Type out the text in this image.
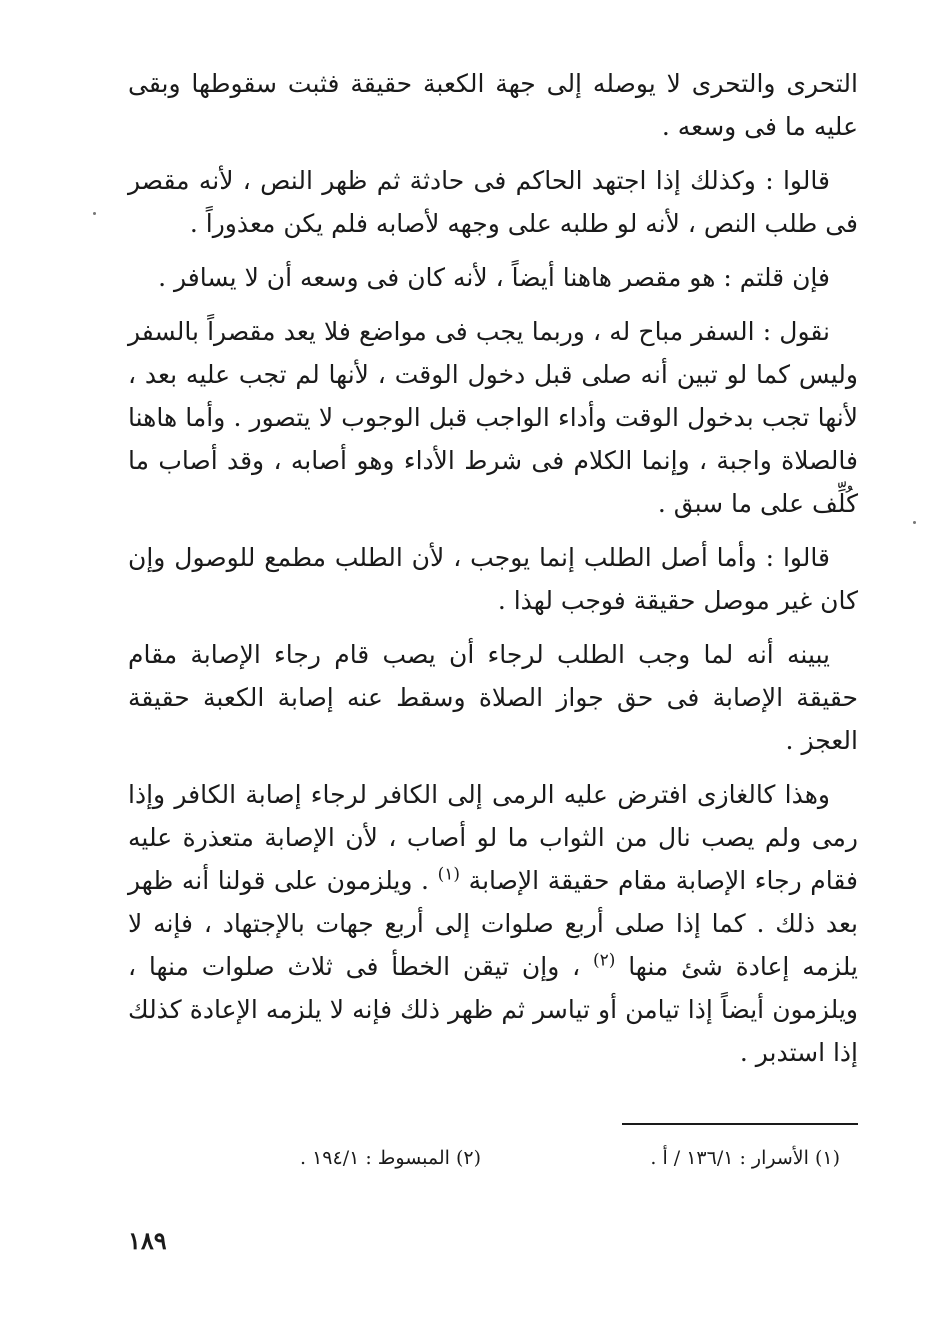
التحرى والتحرى لا يوصله إلى جهة الكعبة حقيقة فثبت سقوطها وبقى عليه ما فى وسعه .

قالوا : وكذلك إذا اجتهد الحاكم فى حادثة ثم ظهر النص ، لأنه مقصر فى طلب النص ، لأنه لو طلبه على وجهه لأصابه فلم يكن معذوراً .

فإن قلتم : هو مقصر هاهنا أيضاً ، لأنه كان فى وسعه أن لا يسافر .

نقول : السفر مباح له ، وربما يجب فى مواضع فلا يعد مقصراً بالسفر وليس كما لو تبين أنه صلى قبل دخول الوقت ، لأنها لم تجب عليه بعد ، لأنها تجب بدخول الوقت وأداء الواجب قبل الوجوب لا يتصور . وأما هاهنا فالصلاة واجبة ، وإنما الكلام فى شرط الأداء وهو أصابه ، وقد أصاب ما كُلِّف على ما سبق .

قالوا : وأما أصل الطلب إنما يوجب ، لأن الطلب مطمع للوصول وإن كان غير موصل حقيقة فوجب لهذا .

يبينه أنه لما وجب الطلب لرجاء أن يصب قام رجاء الإصابة مقام حقيقة الإصابة فى حق جواز الصلاة وسقط عنه إصابة الكعبة حقيقة العجز .

وهذا كالغازى افترض عليه الرمى إلى الكافر لرجاء إصابة الكافر وإذا رمى ولم يصب نال من الثواب ما لو أصاب ، لأن الإصابة متعذرة عليه فقام رجاء الإصابة مقام حقيقة الإصابة $^{(١)}$ . ويلزمون على قولنا أنه ظهر بعد ذلك . كما إذا صلى أربع صلوات إلى أربع جهات بالإجتهاد ، فإنه لا يلزمه إعادة شئ منها $^{(٢)}$ ، وإن تيقن الخطأ فى ثلاث صلوات منها ، ويلزمون أيضاً إذا تيامن أو تياسر ثم ظهر ذلك فإنه لا يلزمه الإعادة كذلك إذا استدبر .

(١) الأسرار : ١٣٦/١ / أ .
(٢) المبسوط : ١٩٤/١ .
١٨٩
